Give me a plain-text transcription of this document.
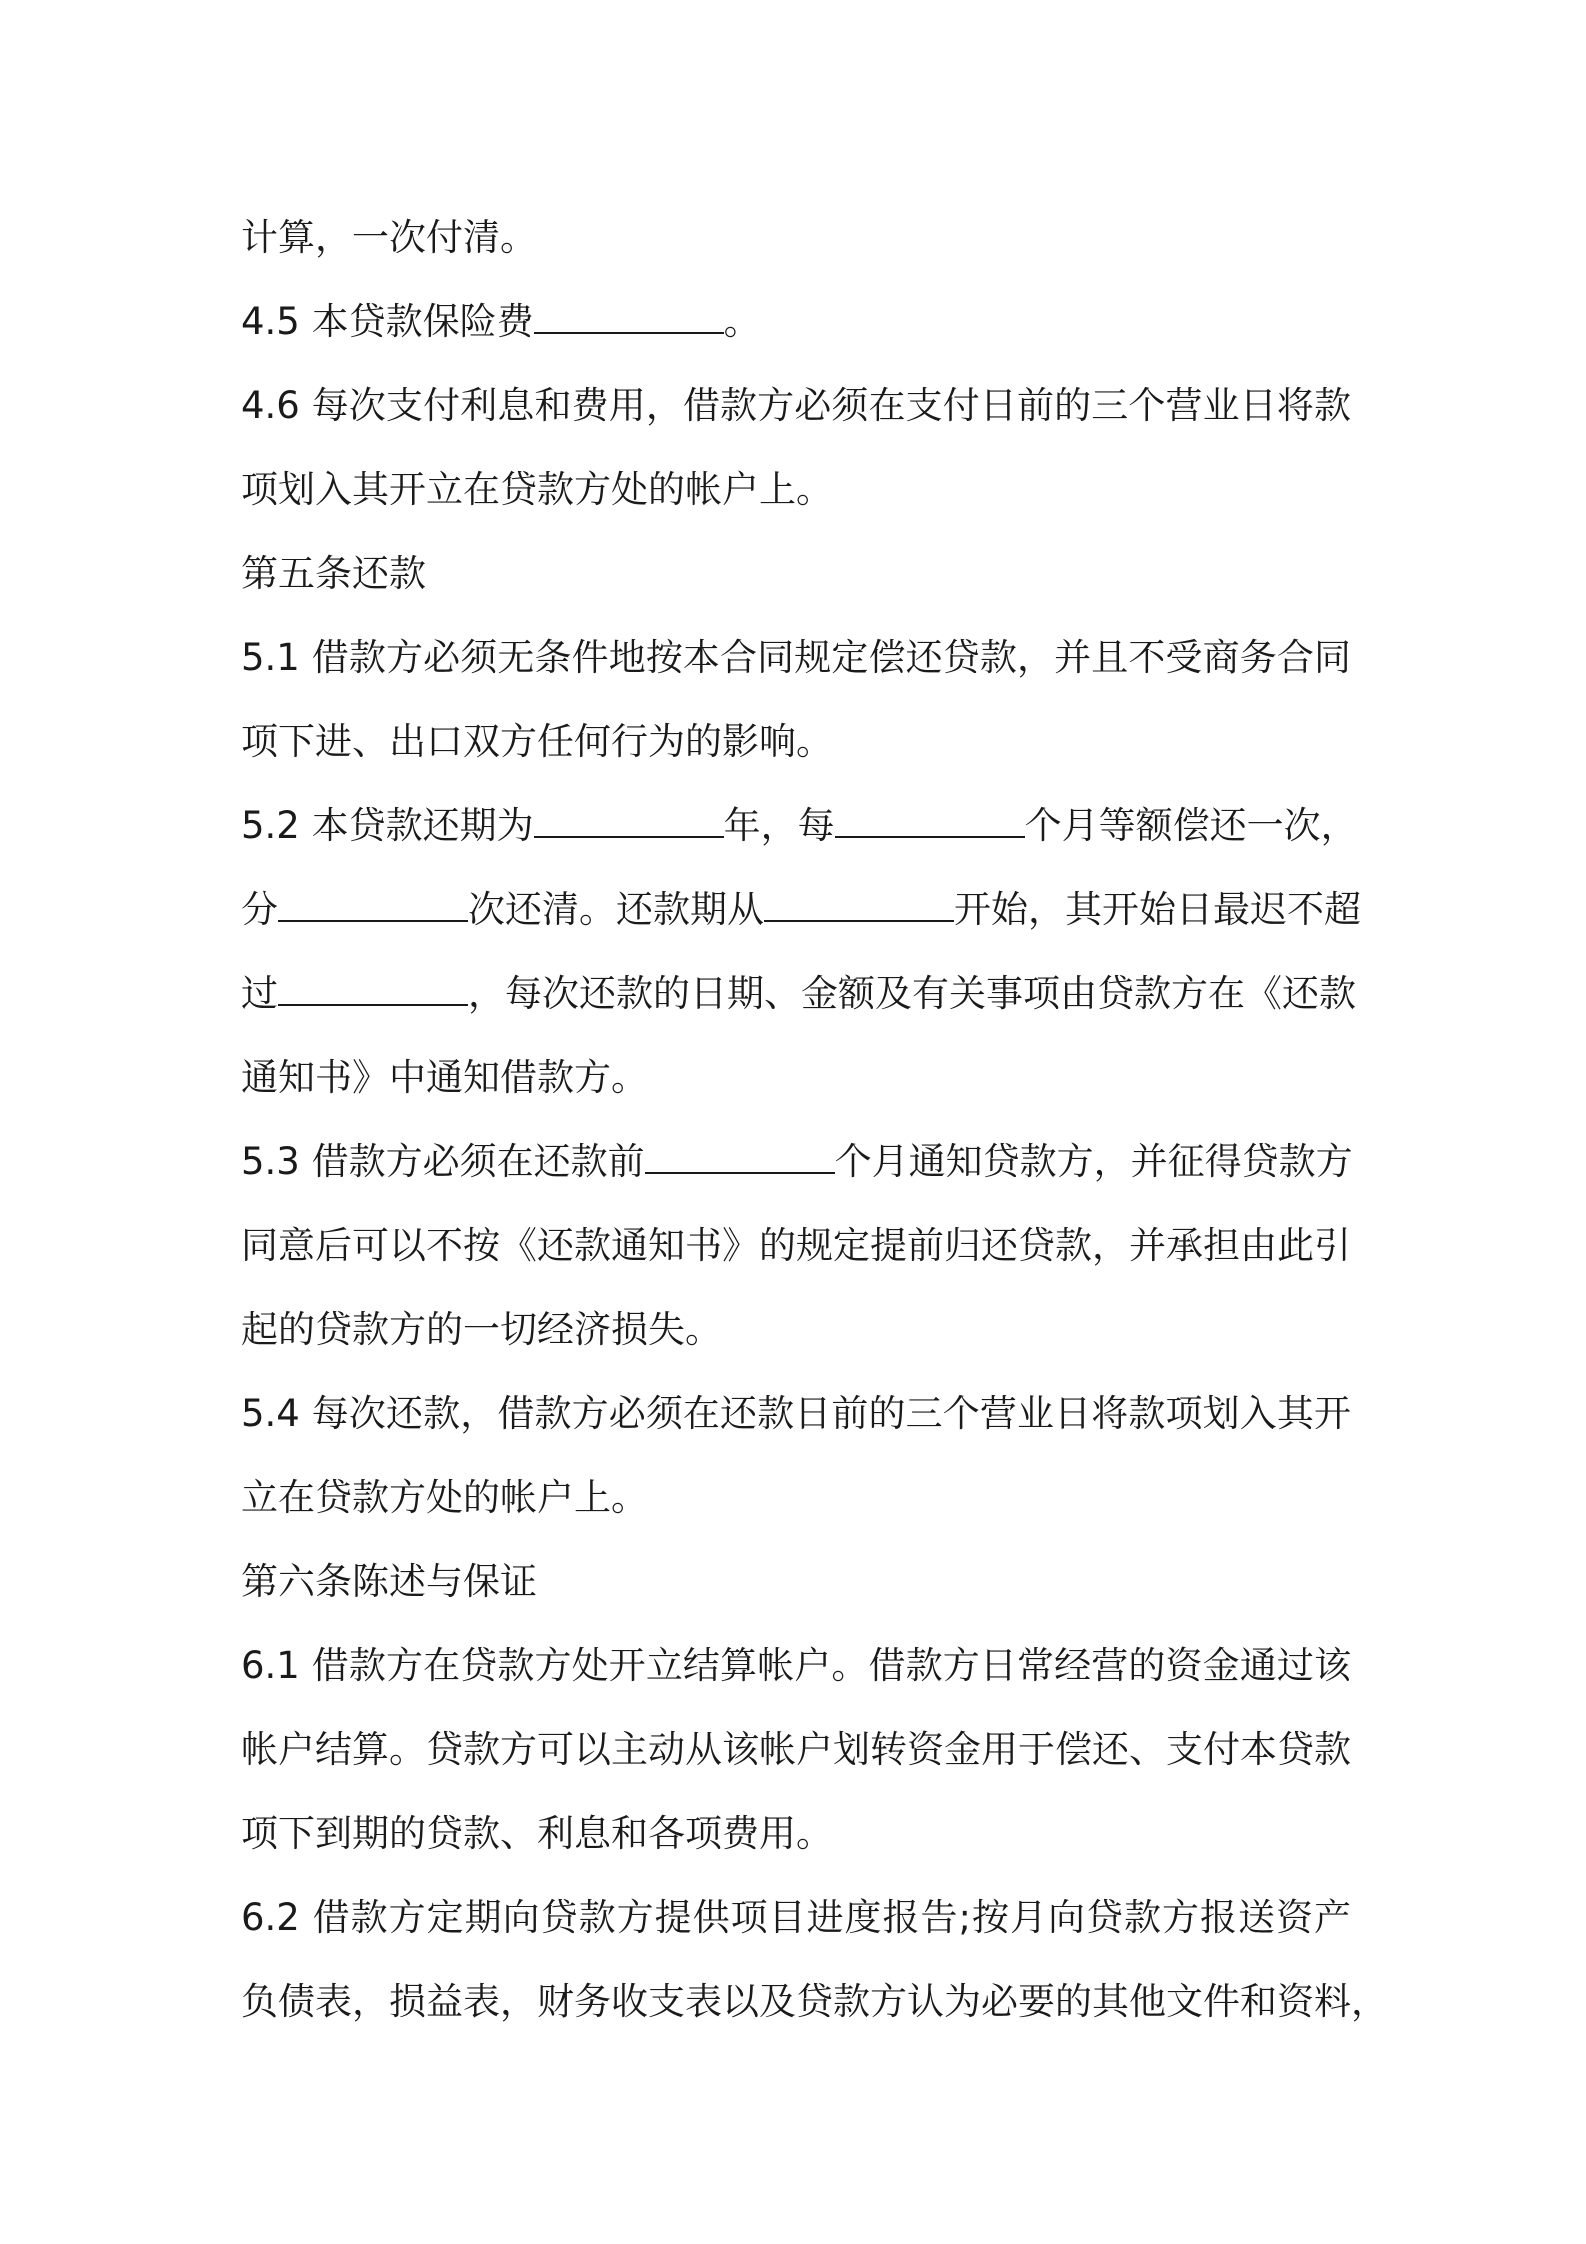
计算，一次付清。
4.5 本贷款保险费	。
4.6 每次支付利息和费用，借款方必须在支付日前的三个营业日将款
项划入其开立在贷款方处的帐户上。
第五条还款
5.1 借款方必须无条件地按本合同规定偿还贷款，并且不受商务合同
项下进、出口双方任何行为的影响。
5.2 本贷款还期为	年，每	个月等额偿还一次，
分	次还清。还款期从	开始，其开始日最迟不超
过	，每次还款的日期、金额及有关事项由贷款方在《还款
通知书》中通知借款方。
5.3 借款方必须在还款前	个月通知贷款方，并征得贷款方
同意后可以不按《还款通知书》的规定提前归还贷款，并承担由此引
起的贷款方的一切经济损失。
5.4 每次还款，借款方必须在还款日前的三个营业日将款项划入其开
立在贷款方处的帐户上。
第六条陈述与保证
6.1 借款方在贷款方处开立结算帐户。借款方日常经营的资金通过该
帐户结算。贷款方可以主动从该帐户划转资金用于偿还、支付本贷款
项下到期的贷款、利息和各项费用。
6.2 借款方定期向贷款方提供项目进度报告;按月向贷款方报送资产
负债表，损益表，财务收支表以及贷款方认为必要的其他文件和资料，
